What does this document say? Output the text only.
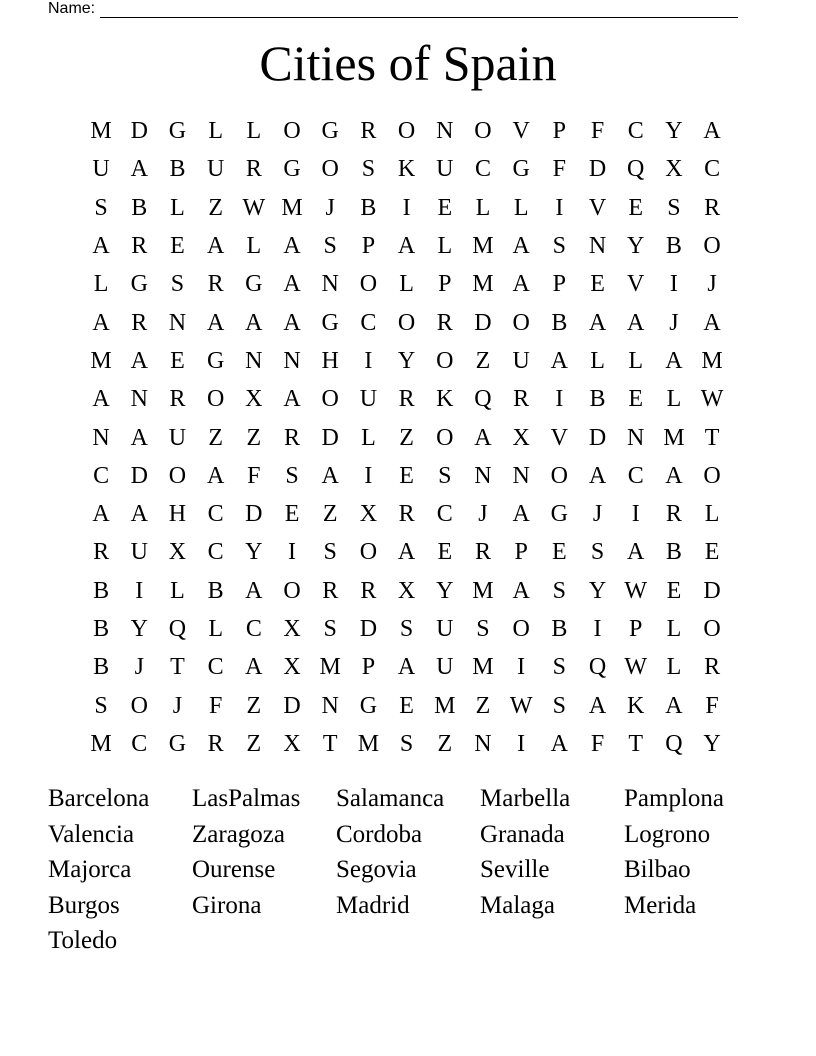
Name:
Cities of Spain
M D G L L O G R O N O V P	F C Y A
U A B U R G O S K U C G F D Q X C
S B L Z W M J	B	I	E L L	I	V E	S R
A R E A L A S	P A L M A S N Y B O
L G S R G A N O L	P M A P	E V	I	J
A R N A A A G C O R D O B A A	J	A
M A E G N N H	I	Y O Z U A L L A M
A N R O X A O U R K Q R	I	B E L W
N A U Z Z R D L Z O A X V D N M T
C D O A F	S A	I	E	S N N O A C A O
A A H C D E Z X R C	J	A G	J	I	R L
R U X C Y	I	S O A E R P	E	S A B E
B	I	L B A O R R X Y M A S Y W E D
B Y Q L C X S D S U S O B	I	P	L O
B	J	T C A X M P A U M I	S Q W L R
S O	J	F	Z D N G E M Z W S A K A F
M C G R Z X T M S	Z N	I	A F	T Q Y
Barcelona	LasPalmas	Salamanca	Marbella	Pamplona
Valencia	Zaragoza	Cordoba	Granada	Logrono
Majorca	Ourense	Segovia	Seville	Bilbao
Burgos	Girona	Madrid	Malaga	Merida
Toledo
